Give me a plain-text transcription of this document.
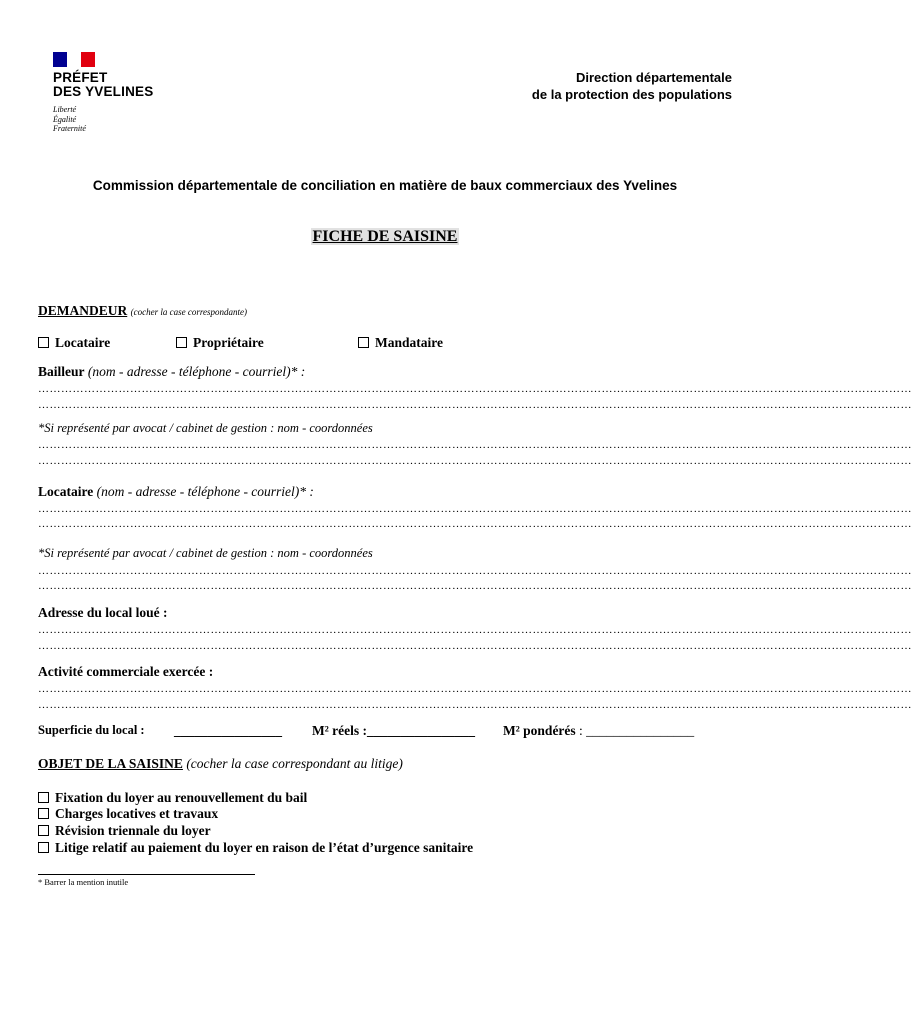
PRÉFET
DES YVELINES
Liberté
Égalité
Fraternité
Direction départementale
de la protection des populations
Commission départementale de conciliation en matière de baux commerciaux des Yvelines
FICHE DE SAISINE
DEMANDEUR (cocher la case correspondante)
Locataire	Propriétaire	Mandataire
Bailleur (nom - adresse - téléphone - courriel)* :
…………………………………………………………………………………………………………………………………………………………………………………………………………
…………………………………………………………………………………………………………………………………………………………………………………………………………
*Si représenté par avocat / cabinet de gestion : nom - coordonnées
…………………………………………………………………………………………………………………………………………………………………………………………………………
…………………………………………………………………………………………………………………………………………………………………………………………………………
Locataire (nom - adresse - téléphone - courriel)* :
…………………………………………………………………………………………………………………………………………………………………………………………………………
…………………………………………………………………………………………………………………………………………………………………………………………………………
*Si représenté par avocat / cabinet de gestion : nom - coordonnées
…………………………………………………………………………………………………………………………………………………………………………………………………………
…………………………………………………………………………………………………………………………………………………………………………………………………………
Adresse du local loué :
…………………………………………………………………………………………………………………………………………………………………………………………………………
…………………………………………………………………………………………………………………………………………………………………………………………………………
Activité commerciale exercée :
…………………………………………………………………………………………………………………………………………………………………………………………………………
…………………………………………………………………………………………………………………………………………………………………………………………………………
Superficie du local : ________________ M² réels :________________ M² pondérés : ________________
OBJET DE LA SAISINE (cocher la case correspondant au litige)
Fixation du loyer au renouvellement du bail
Charges locatives et travaux
Révision triennale du loyer
Litige relatif au paiement du loyer en raison de l’état d’urgence sanitaire
* Barrer la mention inutile
